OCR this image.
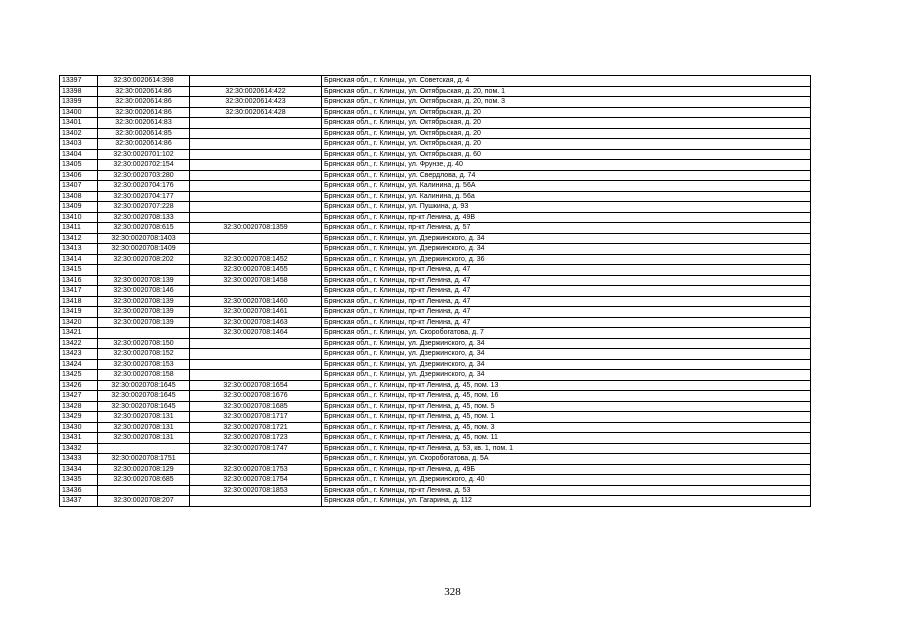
13397	32:30:0020614:398		Брянская обл., г. Клинцы, ул. Советская, д. 4
13398	32:30:0020614:86	32:30:0020614:422	Брянская обл., г. Клинцы, ул. Октябрьская, д. 20, пом. 1
13399	32:30:0020614:86	32:30:0020614:423	Брянская обл., г. Клинцы, ул. Октябрьская, д. 20, пом. 3
13400	32:30:0020614:86	32:30:0020614:428	Брянская обл., г. Клинцы, ул. Октябрьская, д. 20
13401	32:30:0020614:83		Брянская обл., г. Клинцы, ул. Октябрьская, д. 20
13402	32:30:0020614:85		Брянская обл., г. Клинцы, ул. Октябрьская, д. 20
13403	32:30:0020614:86		Брянская обл., г. Клинцы, ул. Октябрьская, д. 20
13404	32:30:0020701:102		Брянская обл., г. Клинцы, ул. Октябрьская, д. 60
13405	32:30:0020702:154		Брянская обл., г. Клинцы, ул. Фрунзе, д. 40
13406	32:30:0020703:280		Брянская обл., г. Клинцы, ул. Свердлова, д. 74
13407	32:30:0020704:176		Брянская обл., г. Клинцы, ул. Калинина, д. 56А
13408	32:30:0020704:177		Брянская обл., г. Клинцы, ул. Калинина, д. 56а
13409	32:30:0020707:228		Брянская обл., г. Клинцы, ул. Пушкина, д. 93
13410	32:30:0020708:133		Брянская обл., г. Клинцы, пр-кт Ленина, д. 49В
13411	32:30:0020708:615	32:30:0020708:1359	Брянская обл., г. Клинцы, пр-кт Ленина, д. 57
13412	32:30:0020708:1403		Брянская обл., г. Клинцы, ул. Дзержинского, д. 34
13413	32:30:0020708:1409		Брянская обл., г. Клинцы, ул. Дзержинского, д. 34
13414	32:30:0020708:202	32:30:0020708:1452	Брянская обл., г. Клинцы, ул. Дзержинского, д. 36
13415		32:30:0020708:1455	Брянская обл., г. Клинцы, пр-кт Ленина, д. 47
13416	32:30:0020708:139	32:30:0020708:1458	Брянская обл., г. Клинцы, пр-кт Ленина, д. 47
13417	32:30:0020708:146		Брянская обл., г. Клинцы, пр-кт Ленина, д. 47
13418	32:30:0020708:139	32:30:0020708:1460	Брянская обл., г. Клинцы, пр-кт Ленина, д. 47
13419	32:30:0020708:139	32:30:0020708:1461	Брянская обл., г. Клинцы, пр-кт Ленина, д. 47
13420	32:30:0020708:139	32:30:0020708:1463	Брянская обл., г. Клинцы, пр-кт Ленина, д. 47
13421		32:30:0020708:1464	Брянская обл., г. Клинцы, ул. Скоробогатова, д. 7
13422	32:30:0020708:150		Брянская обл., г. Клинцы, ул. Дзержинского, д. 34
13423	32:30:0020708:152		Брянская обл., г. Клинцы, ул. Дзержинского, д. 34
13424	32:30:0020708:153		Брянская обл., г. Клинцы, ул. Дзержинского, д. 34
13425	32:30:0020708:158		Брянская обл., г. Клинцы, ул. Дзержинского, д. 34
13426	32:30:0020708:1645	32:30:0020708:1654	Брянская обл., г. Клинцы, пр-кт Ленина, д. 45, пом. 13
13427	32:30:0020708:1645	32:30:0020708:1676	Брянская обл., г. Клинцы, пр-кт Ленина, д. 45, пом. 16
13428	32:30:0020708:1645	32:30:0020708:1685	Брянская обл., г. Клинцы, пр-кт Ленина, д. 45, пом. 5
13429	32:30:0020708:131	32:30:0020708:1717	Брянская обл., г. Клинцы, пр-кт Ленина, д. 45, пом. 1
13430	32:30:0020708:131	32:30:0020708:1721	Брянская обл., г. Клинцы, пр-кт Ленина, д. 45, пом. 3
13431	32:30:0020708:131	32:30:0020708:1723	Брянская обл., г. Клинцы, пр-кт Ленина, д. 45, пом. 11
13432		32:30:0020708:1747	Брянская обл., г. Клинцы, пр-кт Ленина, д. 53, кв. 1, пом. 1
13433	32:30:0020708:1751		Брянская обл., г. Клинцы, ул. Скоробогатова, д. 5А
13434	32:30:0020708:129	32:30:0020708:1753	Брянская обл., г. Клинцы, пр-кт Ленина, д. 49Б
13435	32:30:0020708:685	32:30:0020708:1754	Брянская обл., г. Клинцы, ул. Дзержинского, д. 40
13436		32:30:0020708:1853	Брянская обл., г. Клинцы, пр-кт Ленина, д. 53
13437	32:30:0020708:207		Брянская обл., г. Клинцы, ул. Гагарина, д. 112
328
